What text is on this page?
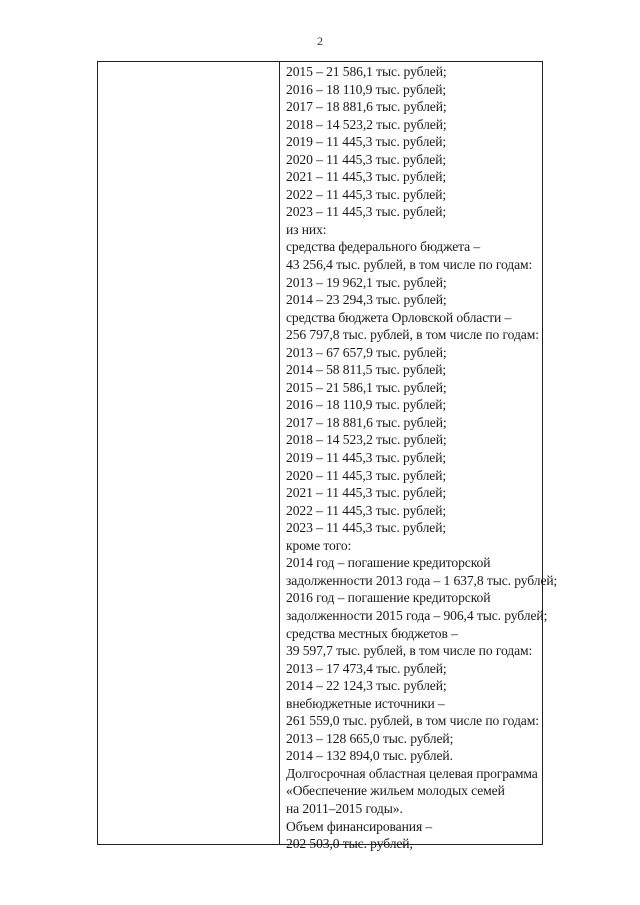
2
2015 – 21 586,1 тыс. рублей;
2016 – 18 110,9 тыс. рублей;
2017 – 18 881,6 тыс. рублей;
2018 – 14 523,2 тыс. рублей;
2019 – 11 445,3 тыс. рублей;
2020 – 11 445,3 тыс. рублей;
2021 – 11 445,3 тыс. рублей;
2022 – 11 445,3 тыс. рублей;
2023 – 11 445,3 тыс. рублей;
из них:
средства федерального бюджета –
43 256,4 тыс. рублей, в том числе по годам:
2013 – 19 962,1 тыс. рублей;
2014 – 23 294,3 тыс. рублей;
средства бюджета Орловской области –
256 797,8 тыс. рублей, в том числе по годам:
2013 – 67 657,9 тыс. рублей;
2014 – 58 811,5 тыс. рублей;
2015 – 21 586,1 тыс. рублей;
2016 – 18 110,9 тыс. рублей;
2017 – 18 881,6 тыс. рублей;
2018 – 14 523,2 тыс. рублей;
2019 – 11 445,3 тыс. рублей;
2020 – 11 445,3 тыс. рублей;
2021 – 11 445,3 тыс. рублей;
2022 – 11 445,3 тыс. рублей;
2023 – 11 445,3 тыс. рублей;
кроме того:
2014 год – погашение кредиторской
задолженности 2013 года – 1 637,8 тыс. рублей;
2016 год – погашение кредиторской
задолженности 2015 года – 906,4 тыс. рублей;
средства местных бюджетов –
39 597,7 тыс. рублей, в том числе по годам:
2013 – 17 473,4 тыс. рублей;
2014 – 22 124,3 тыс. рублей;
внебюджетные источники –
261 559,0 тыс. рублей, в том числе по годам:
2013 – 128 665,0 тыс. рублей;
2014 – 132 894,0 тыс. рублей.
Долгосрочная областная целевая программа
«Обеспечение жильем молодых семей
на 2011–2015 годы».
Объем финансирования –
202 503,0 тыс. рублей,
